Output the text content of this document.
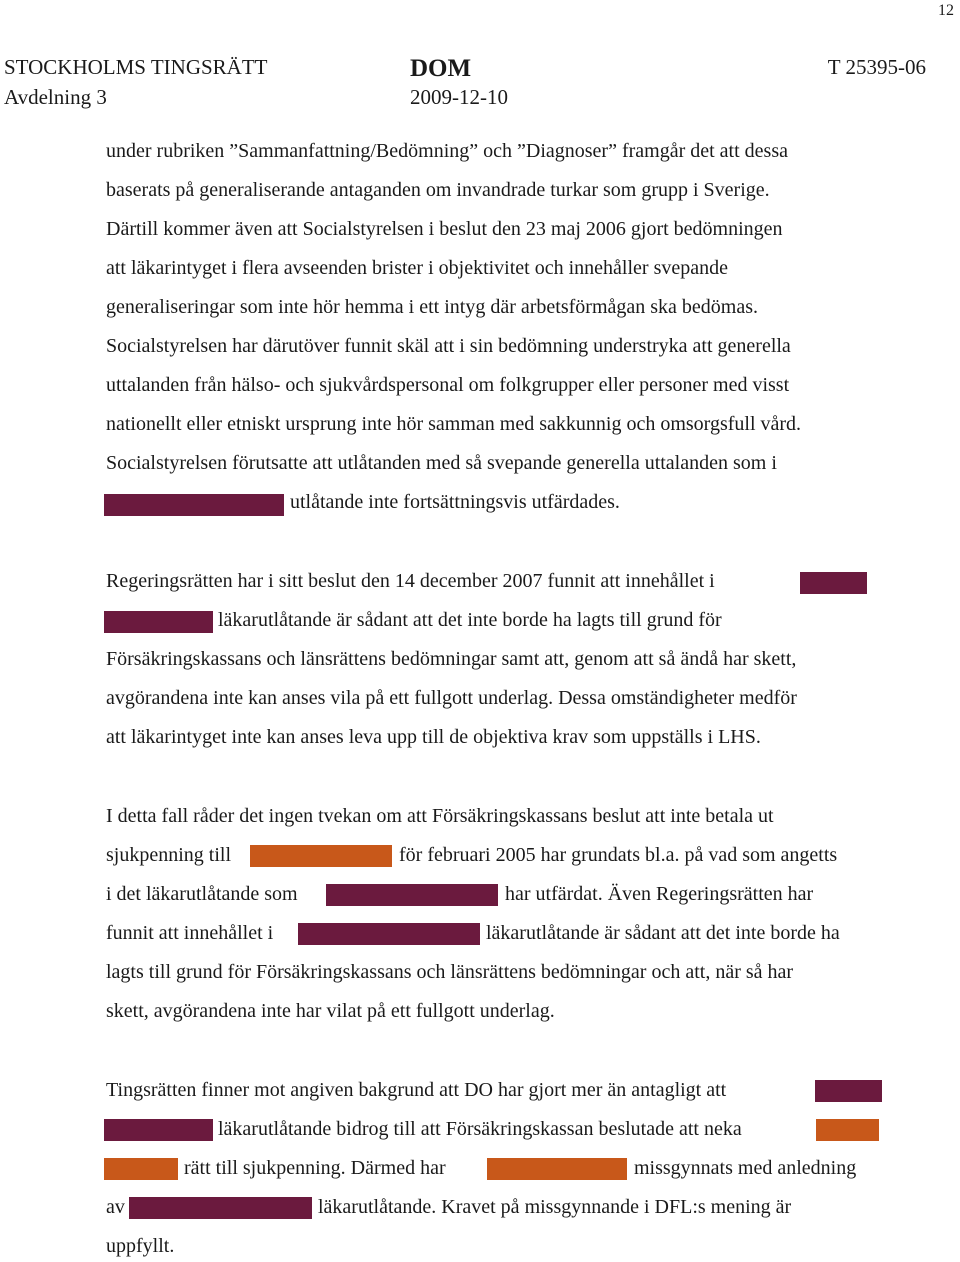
12
STOCKHOLMS TINGSRÄTT
Avdelning 3
DOM
2009-12-10
T 25395-06
under rubriken ”Sammanfattning/Bedömning” och ”Diagnoser” framgår det att dessa
baserats på generaliserande antaganden om invandrade turkar som grupp i Sverige.
Därtill kommer även att Socialstyrelsen i beslut den 23 maj 2006 gjort bedömningen
att läkarintyget i flera avseenden brister i objektivitet och innehåller svepande
generaliseringar som inte hör hemma i ett intyg där arbetsförmågan ska bedömas.
Socialstyrelsen har därutöver funnit skäl att i sin bedömning understryka att generella
uttalanden från hälso- och sjukvårdspersonal om folkgrupper eller personer med visst
nationellt eller etniskt ursprung inte hör samman med sakkunnig och omsorgsfull vård.
Socialstyrelsen förutsatte att utlåtanden med så svepande generella uttalanden som i
utlåtande inte fortsättningsvis utfärdades.
Regeringsrätten har i sitt beslut den 14 december 2007 funnit att innehållet i
läkarutlåtande är sådant att det inte borde ha lagts till grund för
Försäkringskassans och länsrättens bedömningar samt att, genom att så ändå har skett,
avgörandena inte kan anses vila på ett fullgott underlag. Dessa omständigheter medför
att läkarintyget inte kan anses leva upp till de objektiva krav som uppställs i LHS.
I detta fall råder det ingen tvekan om att Försäkringskassans beslut att inte betala ut
sjukpenning till	för februari 2005 har grundats bl.a. på vad som angetts
i det läkarutlåtande som	har utfärdat. Även Regeringsrätten har
funnit att innehållet i	läkarutlåtande är sådant att det inte borde ha
lagts till grund för Försäkringskassans och länsrättens bedömningar och att, när så har
skett, avgörandena inte har vilat på ett fullgott underlag.
Tingsrätten finner mot angiven bakgrund att DO har gjort mer än antagligt att
läkarutlåtande bidrog till att Försäkringskassan beslutade att neka
rätt till sjukpenning. Därmed har	missgynnats med anledning
av	läkarutlåtande. Kravet på missgynnande i DFL:s mening är
uppfyllt.
